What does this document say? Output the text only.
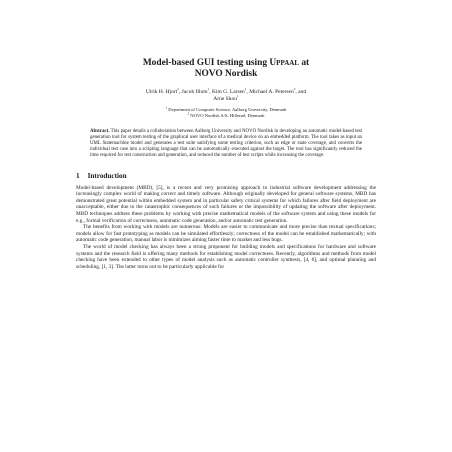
Model-based GUI testing using Uppaal at
NOVO Nordisk
Ulrik H. Hjort$^2$, Jacob Illum$^1$, Kim G. Larsen$^1$, Michael A. Petersen$^2$, and
Arne Skou$^1$
$^1$ Department of Computer Science, Aalborg University, Denmark
$^2$ NOVO Nordisk A/S, Hillerød, Denmark
Abstract. This paper details a collaboration between Aalborg University and NOVO Nordisk in developing an automatic model-based test generation tool for system testing of the graphical user interface of a medical device on an embedded platform. The tool takes as input an UML Statemachine model and generates a test suite satisfying some testing criterion, such as edge or state coverage, and converts the individual test case into a scripting language that can be automatically executed against the target. The tool has significantly reduced the time required for test construction and generation, and reduced the number of test scripts while increasing the coverage.
1 Introduction

Model-based development (MBD), [5], is a recent and very promising approach to industrial software development addressing the increasingly complex world of making correct and timely software. Although originally developed for general software systems, MBD has demonstrated great potential within embedded system and in particular safety critical systems for which failures after field deployment are unacceptable, either due to the catastrophic consequences of such failures or the impossibility of updating the software after deployment. MBD techniques address these problems by working with precise mathematical models of the software system and using these models for e.g., formal verification of correctness, automatic code generation, and/or automatic test generation.

The benefits from working with models are numerous: Models are easier to communicate and more precise than textual specifications; models allow for fast prototyping as models can be simulated effortlessly; correctness of the model can be established mathematically; with automatic code generation, manual labor is minimizes aiming faster time to market and less bugs.

The world of model checking has always been a strong proponent for building models and specifications for hardware and software systems and the research field is offering many methods for establishing model correctness. Recently, algorithms and methods from model checking have been extended to other types of model analysis such as automatic controller synthesis, [4, 6], and optimal planning and scheduling, [1, 3]. The latter turns out to be particularly applicable for
